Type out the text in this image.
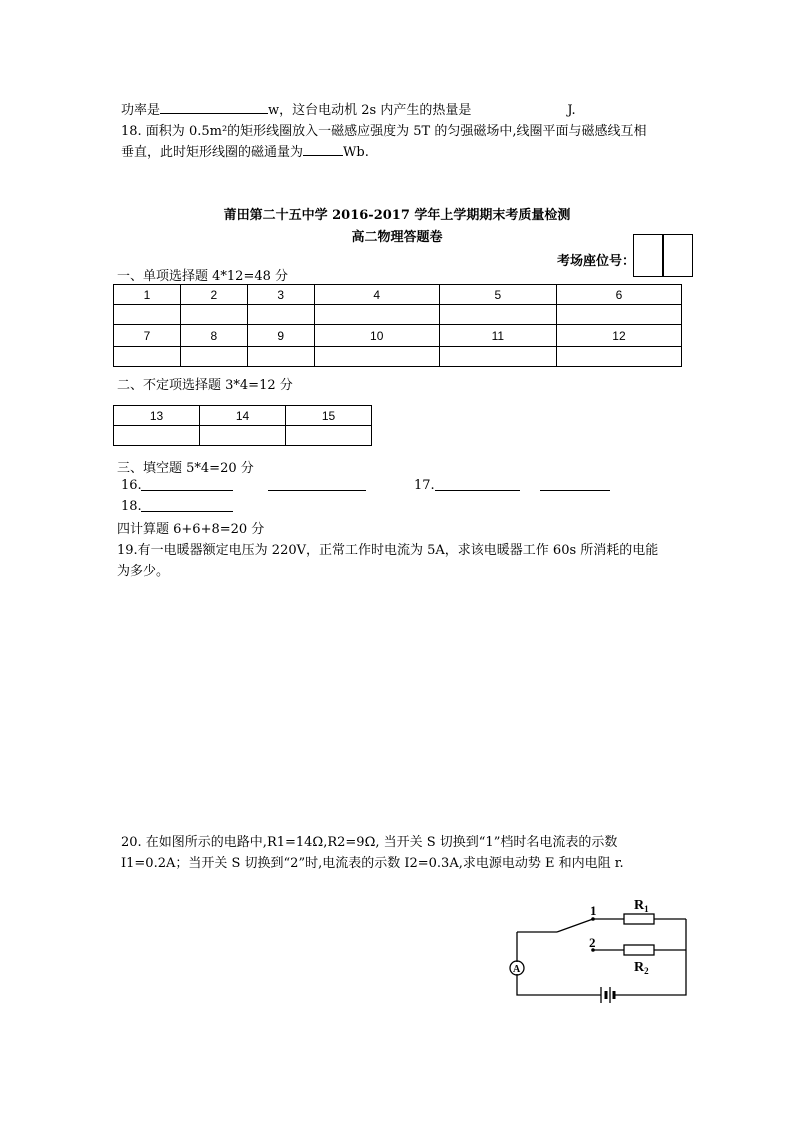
功率是	w，这台电动机 2s 内产生的热量是	J.
18. 面积为 0.5m²的矩形线圈放入一磁感应强度为 5T 的匀强磁场中,线圈平面与磁感线互相
垂直，此时矩形线圈的磁通量为	Wb.
莆田第二十五中学 2016-2017 学年上学期期末考质量检测
高二物理答题卷
考场座位号：
一、单项选择题 4*12=48 分
1	2	3	4	5	6

7	8	9	10	11	12

二、不定项选择题 3*4=12 分
13	14	15

三、填空题 5*4=20 分
16.	17.
18.
四计算题 6+6+8=20 分
19.有一电暖器额定电压为 220V，正常工作时电流为 5A，求该电暖器工作 60s 所消耗的电能
为多少。
20. 在如图所示的电路中,R1=14Ω,R2=9Ω, 当开关 S 切换到“1”档时名电流表的示数
I1=0.2A；当开关 S 切换到“2”时,电流表的示数 I2=0.3A,求电源电动势 E 和内电阻 r.
1
2
$R_1$
$R_2$
A
